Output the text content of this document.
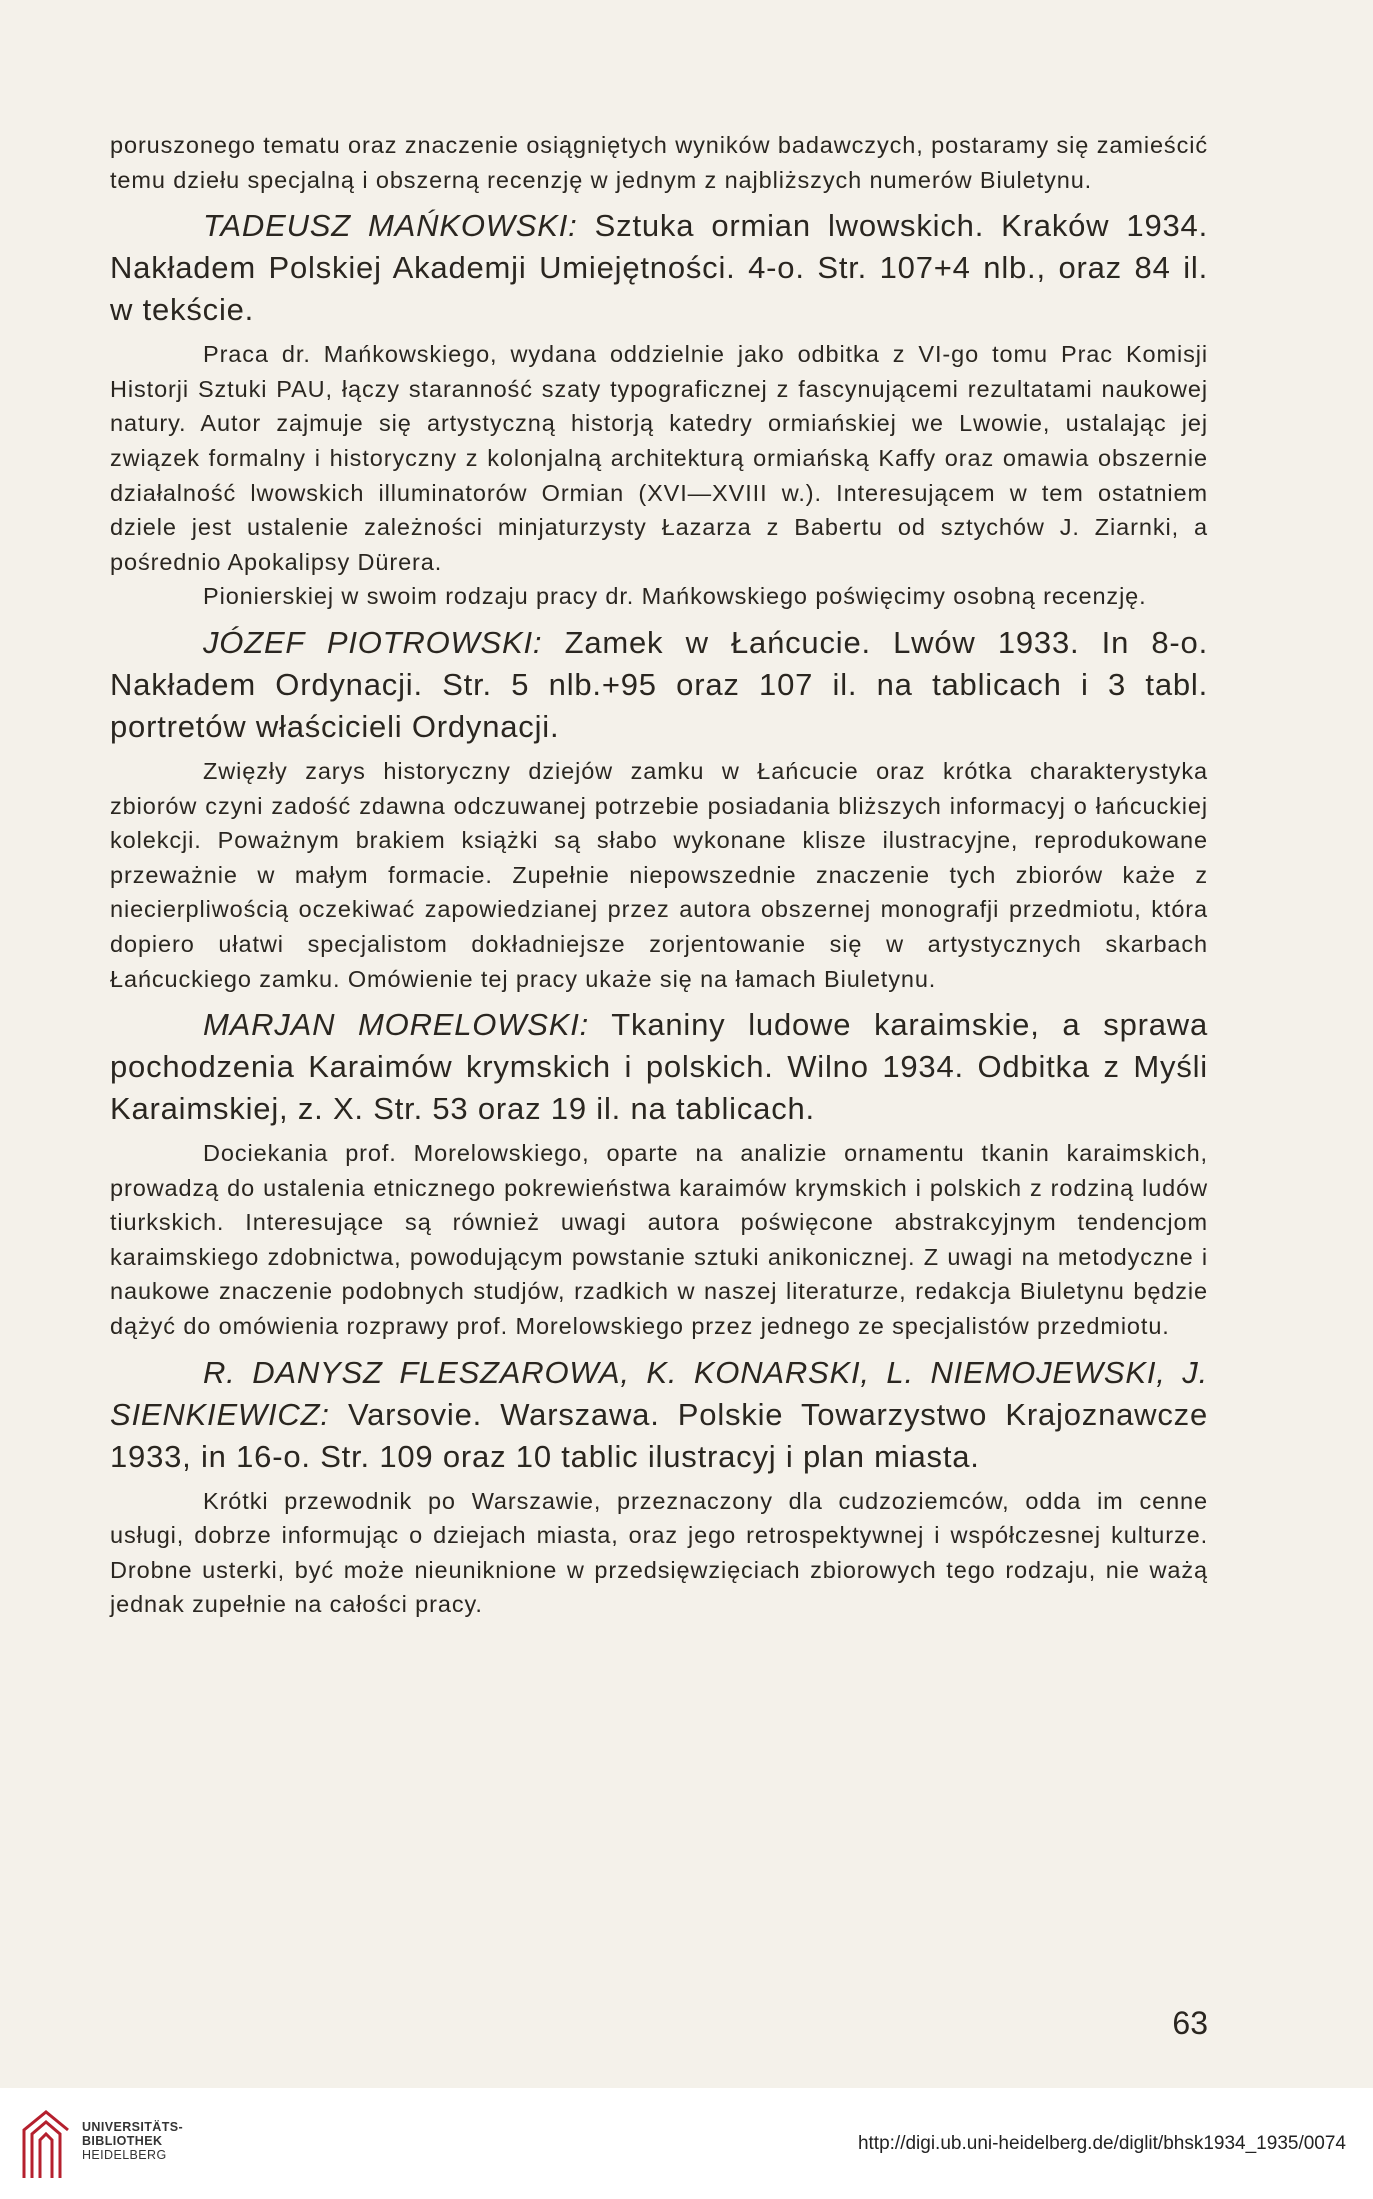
poruszonego tematu oraz znaczenie osiągniętych wyników badawczych, postaramy się zamieścić temu dziełu specjalną i obszerną recenzję w jednym z najbliższych numerów Biuletynu.

TADEUSZ MAŃKOWSKI: Sztuka ormian lwowskich. Kraków 1934. Nakładem Polskiej Akademji Umiejętności. 4-o. Str. 107+4 nlb., oraz 84 il. w tekście.

Praca dr. Mańkowskiego, wydana oddzielnie jako odbitka z VI-go tomu Prac Komisji Historji Sztuki PAU, łączy staranność szaty typograficznej z fascynującemi rezultatami naukowej natury. Autor zajmuje się artystyczną historją katedry ormiańskiej we Lwowie, ustalając jej związek formalny i historyczny z kolonjalną architekturą ormiańską Kaffy oraz omawia obszernie działalność lwowskich illuminatorów Ormian (XVI—XVIII w.). Interesującem w tem ostatniem dziele jest ustalenie zależności minjaturzysty Łazarza z Babertu od sztychów J. Ziarnki, a pośrednio Apokalipsy Dürera.

Pionierskiej w swoim rodzaju pracy dr. Mańkowskiego poświęcimy osobną recenzję.

JÓZEF PIOTROWSKI: Zamek w Łańcucie. Lwów 1933. In 8-o. Nakładem Ordynacji. Str. 5 nlb.+95 oraz 107 il. na tablicach i 3 tabl. portretów właścicieli Ordynacji.

Zwięzły zarys historyczny dziejów zamku w Łańcucie oraz krótka charakterystyka zbiorów czyni zadość zdawna odczuwanej potrzebie posiadania bliższych informacyj o łańcuckiej kolekcji. Poważnym brakiem książki są słabo wykonane klisze ilustracyjne, reprodukowane przeważnie w małym formacie. Zupełnie niepowszednie znaczenie tych zbiorów każe z niecierpliwością oczekiwać zapowiedzianej przez autora obszernej monografji przedmiotu, która dopiero ułatwi specjalistom dokładniejsze zorjentowanie się w artystycznych skarbach Łańcuckiego zamku. Omówienie tej pracy ukaże się na łamach Biuletynu.

MARJAN MORELOWSKI: Tkaniny ludowe karaimskie, a sprawa pochodzenia Karaimów krymskich i polskich. Wilno 1934. Odbitka z Myśli Karaimskiej, z. X. Str. 53 oraz 19 il. na tablicach.

Dociekania prof. Morelowskiego, oparte na analizie ornamentu tkanin karaimskich, prowadzą do ustalenia etnicznego pokrewieństwa karaimów krymskich i polskich z rodziną ludów tiurkskich. Interesujące są również uwagi autora poświęcone abstrakcyjnym tendencjom karaimskiego zdobnictwa, powodującym powstanie sztuki anikonicznej. Z uwagi na metodyczne i naukowe znaczenie podobnych studjów, rzadkich w naszej literaturze, redakcja Biuletynu będzie dążyć do omówienia rozprawy prof. Morelowskiego przez jednego ze specjalistów przedmiotu.

R. DANYSZ FLESZAROWA, K. KONARSKI, L. NIEMOJEWSKI, J. SIENKIEWICZ: Varsovie. Warszawa. Polskie Towarzystwo Krajoznawcze 1933, in 16-o. Str. 109 oraz 10 tablic ilustracyj i plan miasta.

Krótki przewodnik po Warszawie, przeznaczony dla cudzoziemców, odda im cenne usługi, dobrze informując o dziejach miasta, oraz jego retrospektywnej i współczesnej kulturze. Drobne usterki, być może nieuniknione w przedsięwzięciach zbiorowych tego rodzaju, nie ważą jednak zupełnie na całości pracy.

63
UNIVERSITÄTS-
BIBLIOTHEK
HEIDELBERG
http://digi.ub.uni-heidelberg.de/diglit/bhsk1934_1935/0074
